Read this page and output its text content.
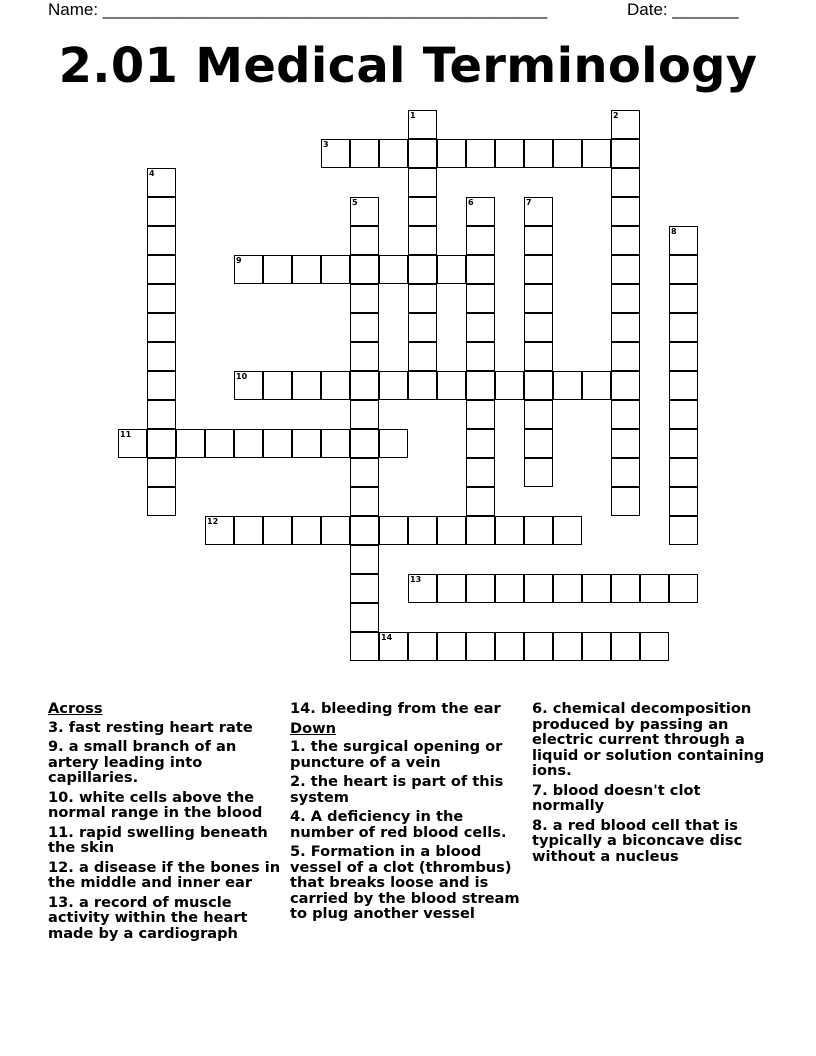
Name: _______________________________________________	Date: _______
2.01 Medical Terminology
3
9
10
11
12
13
14
1	2
4
5	6	7
8
Across
3. fast resting heart rate
9. a small branch of an artery leading into capillaries.
10. white cells above the normal range in the blood
11. rapid swelling beneath the skin
12. a disease if the bones in the middle and inner ear
13. a record of muscle activity within the heart made by a cardiograph
14. bleeding from the ear
Down
1. the surgical opening or puncture of a vein
2. the heart is part of this system
4. A deficiency in the number of red blood cells.
5. Formation in a blood vessel of a clot (thrombus) that breaks loose and is carried by the blood stream to plug another vessel
6. chemical decomposition produced by passing an electric current through a liquid or solution containing ions.
7. blood doesn't clot normally
8. a red blood cell that is typically a biconcave disc without a nucleus
